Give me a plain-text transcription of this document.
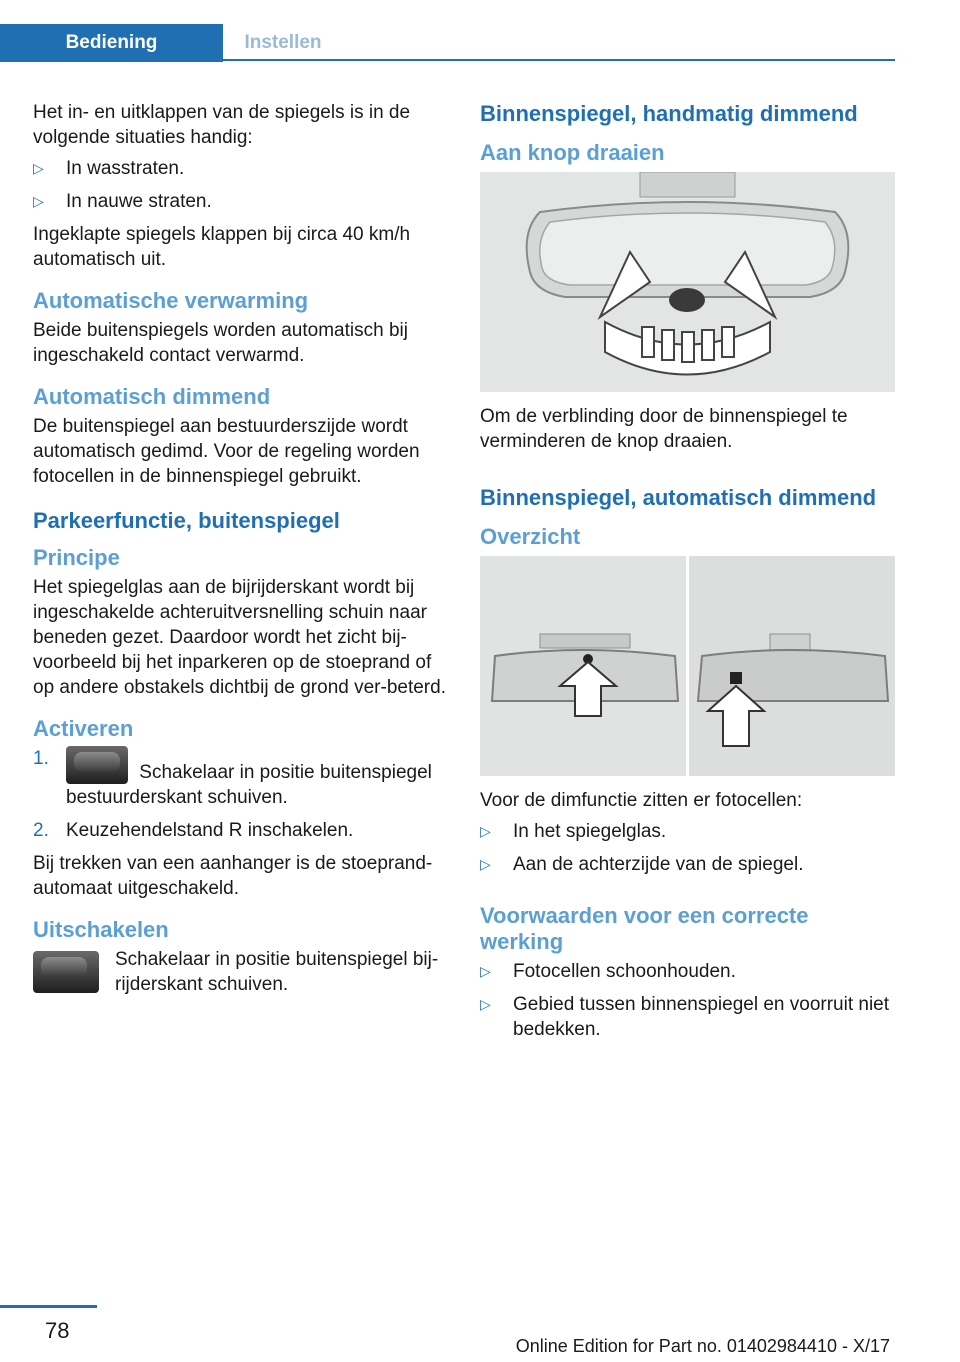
Bediening	Instellen

Het in- en uitklappen van de spiegels is in de volgende situaties handig:

▷ In wasstraten.
▷ In nauwe straten.

Ingeklapte spiegels klappen bij circa 40 km/h automatisch uit.

Automatische verwarming

Beide buitenspiegels worden automatisch bij ingeschakeld contact verwarmd.

Automatisch dimmend

De buitenspiegel aan bestuurderszijde wordt automatisch gedimd. Voor de regeling worden fotocellen in de binnenspiegel gebruikt.

Parkeerfunctie, buitenspiegel
Principe

Het spiegelglas aan de bijrijderskant wordt bij ingeschakelde achteruitversnelling schuin naar beneden gezet. Daardoor wordt het zicht bij-voorbeeld bij het inparkeren op de stoeprand of op andere obstakels dichtbij de grond ver-beterd.

Activeren
1.
Schakelaar in positie buitenspiegel bestuurderskant schuiven.
2. Keuzehendelstand R inschakelen.

Bij trekken van een aanhanger is de stoeprand-automaat uitgeschakeld.

Uitschakelen

Schakelaar in positie buitenspiegel bij-rijderskant schuiven.

Binnenspiegel, handmatig dimmend
Aan knop draaien

Om de verblinding door de binnenspiegel te verminderen de knop draaien.

Binnenspiegel, automatisch dimmend
Overzicht

Voor de dimfunctie zitten er fotocellen:

▷ In het spiegelglas.
▷ Aan de achterzijde van de spiegel.
Voorwaarden voor een correcte werking
▷ Fotocellen schoonhouden.
▷ Gebied tussen binnenspiegel en voorruit niet bedekken.
78
Online Edition for Part no. 01402984410 - X/17
